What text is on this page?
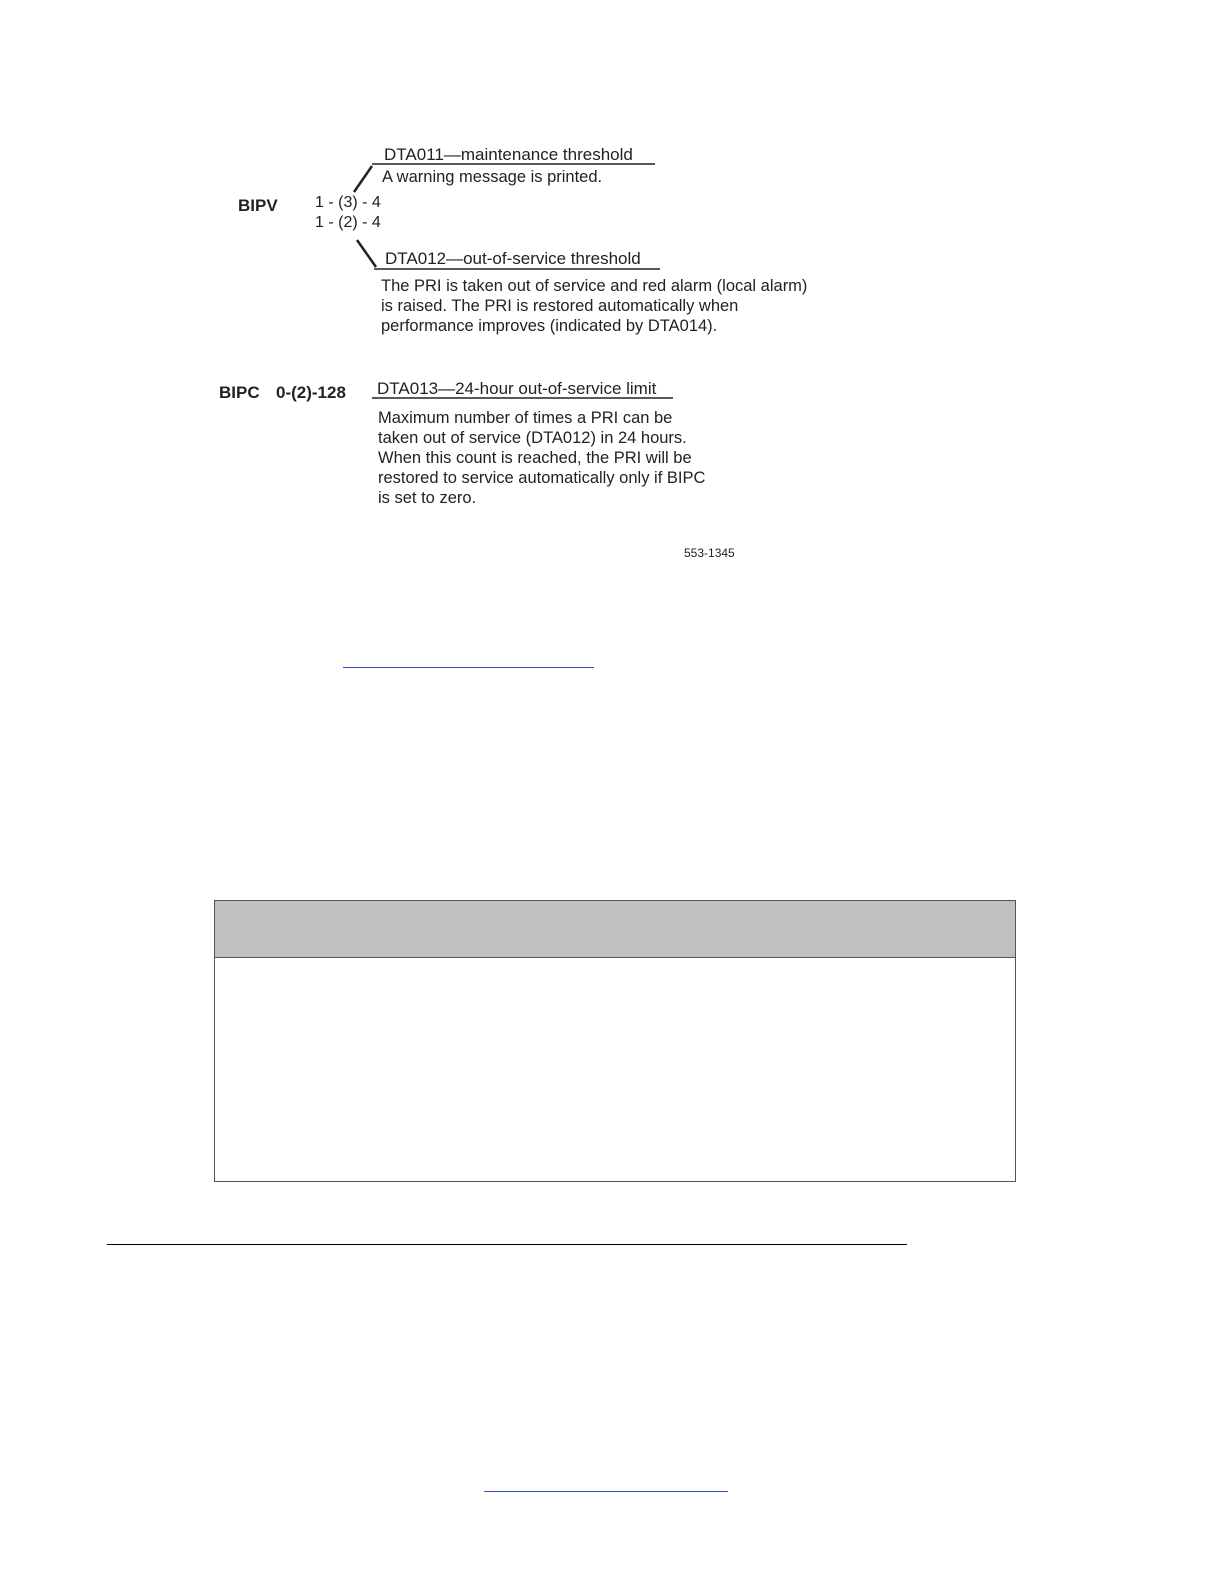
BIPV 1 - (3) - 4
1 - (2) - 4
DTA011—maintenance threshold
A warning message is printed.
DTA012—out-of-service threshold
The PRI is taken out of service and red alarm (local alarm) is raised. The PRI is restored automatically when performance improves (indicated by DTA014).
BIPC 0-(2)-128 DTA013—24-hour out-of-service limit
Maximum number of times a PRI can be taken out of service (DTA012) in 24 hours. When this count is reached, the PRI will be restored to service automatically only if BIPC is set to zero.
553-1345
